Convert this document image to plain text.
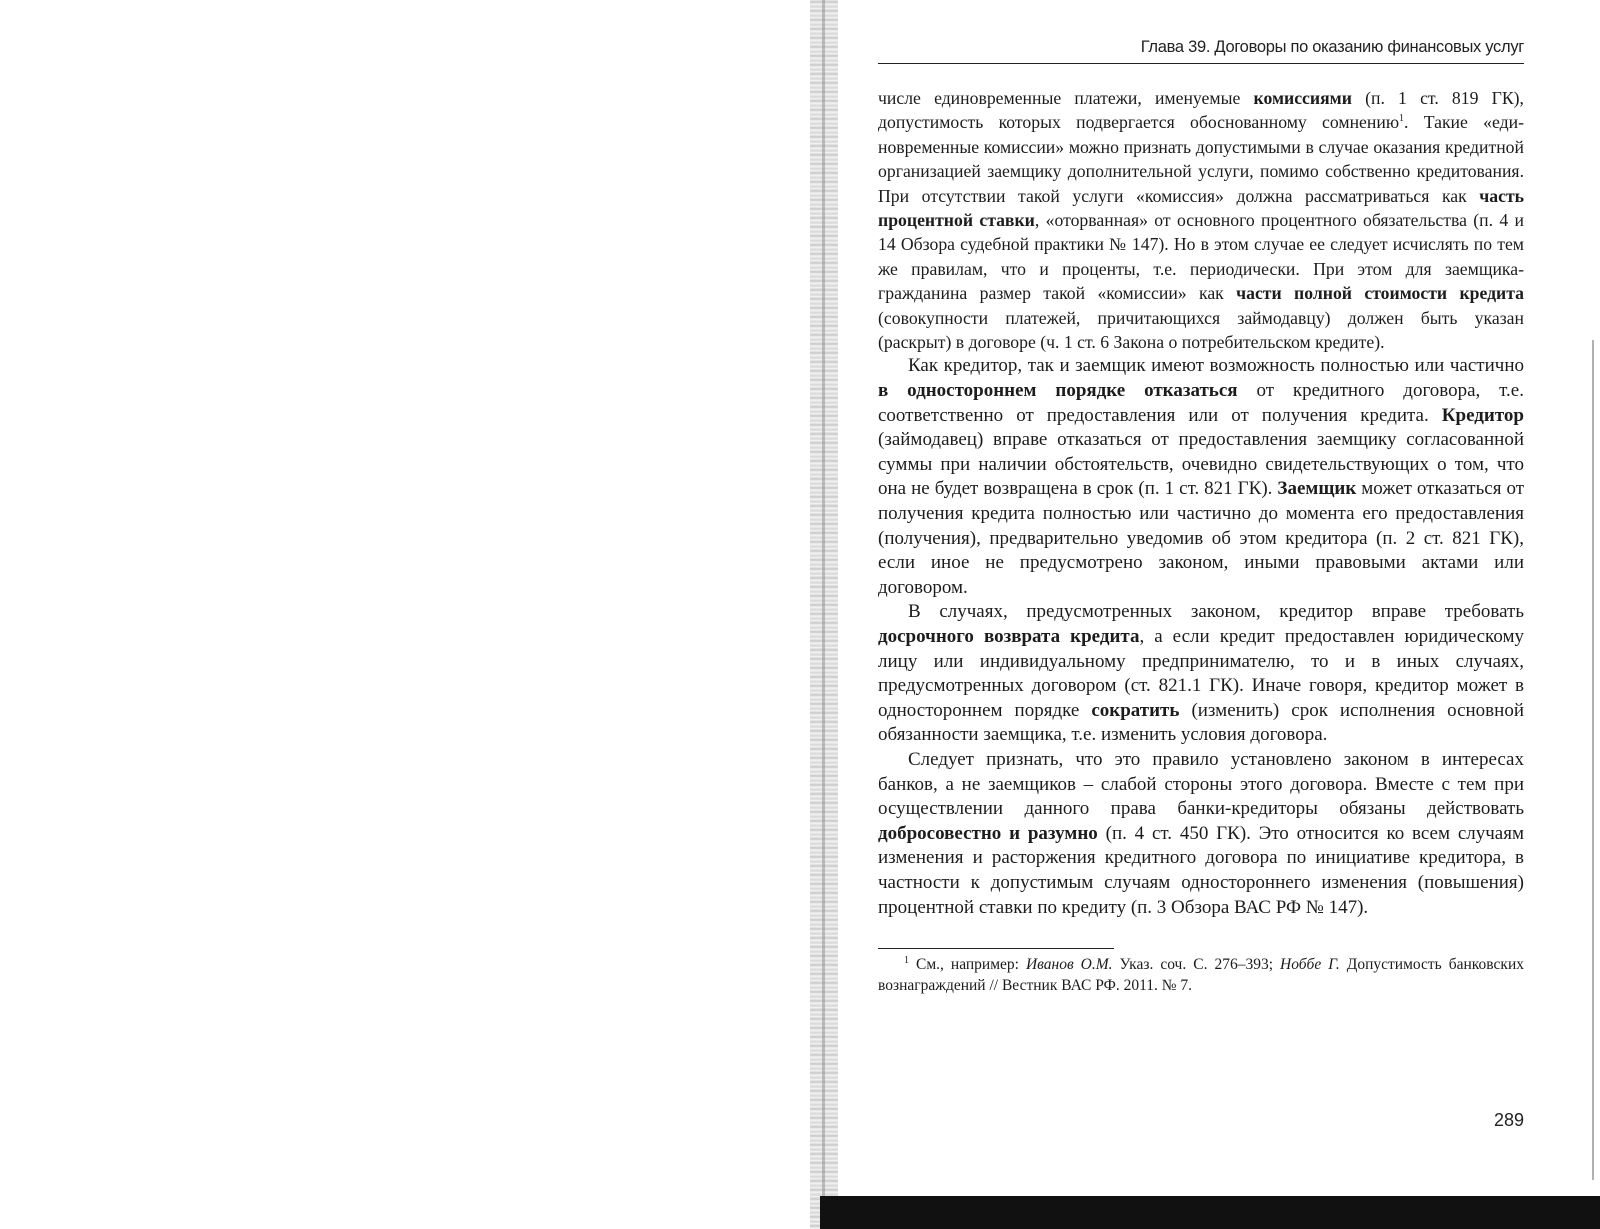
Глава 39. Договоры по оказанию финансовых услуг

числе единовременные платежи, именуемые комиссиями (п. 1 ст. 819 ГК), допустимость которых подвергается обоснованному сомнению$^1$. Такие «единовременные комиссии» можно признать допустимыми в случае оказания кредитной организацией заемщику дополнительной услуги, помимо собственно кредитования. При отсутствии такой услуги «комиссия» должна рассматриваться как часть процентной ставки, «оторванная» от основного процентного обязательства (п. 4 и 14 Обзора судебной практики № 147). Но в этом случае ее следует исчислять по тем же правилам, что и проценты, т.е. периодически. При этом для заемщика-гражданина размер такой «комиссии» как части полной стоимости кредита (совокупности платежей, причитающихся займодавцу) должен быть указан (раскрыт) в договоре (ч. 1 ст. 6 Закона о потребительском кредите).

Как кредитор, так и заемщик имеют возможность полностью или частично в одностороннем порядке отказаться от кредитного договора, т.е. соответственно от предоставления или от получения кредита. Кредитор (займодавец) вправе отказаться от предоставления заемщику согласованной суммы при наличии обстоятельств, очевидно свидетельствующих о том, что она не будет возвращена в срок (п. 1 ст. 821 ГК). Заемщик может отказаться от получения кредита полностью или частично до момента его предоставления (получения), предварительно уведомив об этом кредитора (п. 2 ст. 821 ГК), если иное не предусмотрено законом, иными правовыми актами или договором.

В случаях, предусмотренных законом, кредитор вправе требовать досрочного возврата кредита, а если кредит предоставлен юридическому лицу или индивидуальному предпринимателю, то и в иных случаях, предусмотренных договором (ст. 821.1 ГК). Иначе говоря, кредитор может в одностороннем порядке сократить (изменить) срок исполнения основной обязанности заемщика, т.е. изменить условия договора.

Следует признать, что это правило установлено законом в интересах банков, а не заемщиков – слабой стороны этого договора. Вместе с тем при осуществлении данного права банки-кредиторы обязаны действовать добросовестно и разумно (п. 4 ст. 450 ГК). Это относится ко всем случаям изменения и расторжения кредитного договора по инициативе кредитора, в частности к допустимым случаям одностороннего изменения (повышения) процентной ставки по кредиту (п. 3 Обзора ВАС РФ № 147).

$^1$ См., например: Иванов О.М. Указ. соч. С. 276–393; Ноббе Г. Допустимость банковских вознаграждений // Вестник ВАС РФ. 2011. № 7.

289
